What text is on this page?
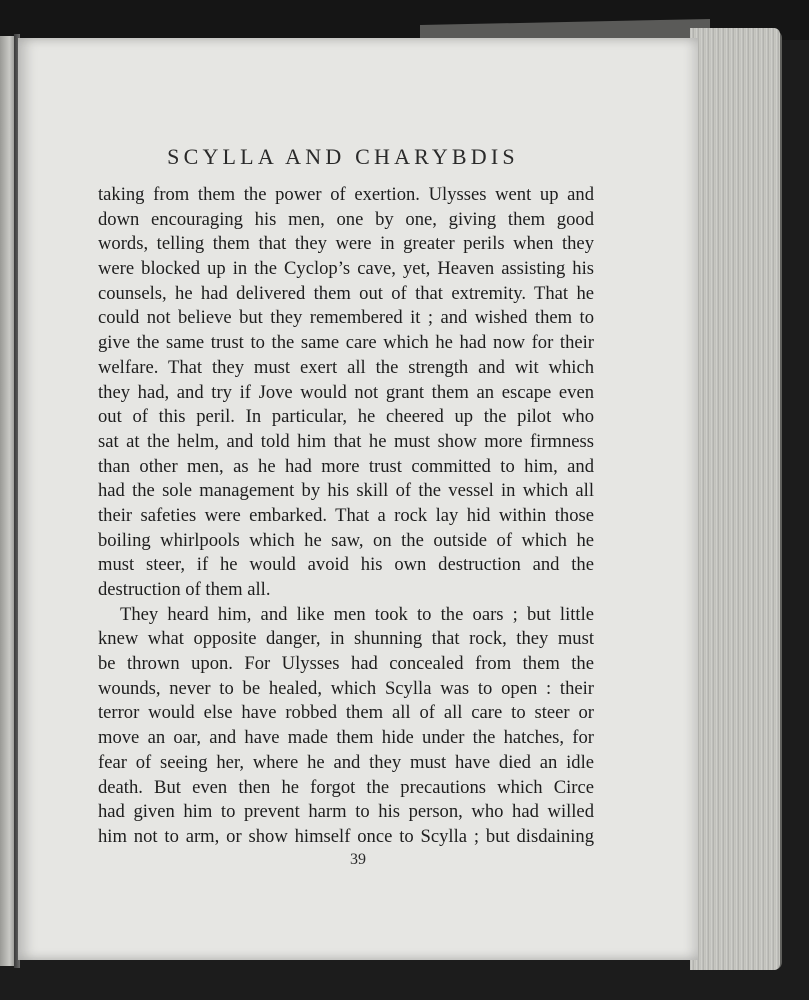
SCYLLA AND CHARYBDIS
taking from them the power of exertion. Ulysses went up and
down encouraging his men, one by one, giving them good
words, telling them that they were in greater perils when they
were blocked up in the Cyclop’s cave, yet, Heaven assisting his
counsels, he had delivered them out of that extremity. That he
could not believe but they remembered it ; and wished them to
give the same trust to the same care which he had now for their
welfare. That they must exert all the strength and wit which
they had, and try if Jove would not grant them an escape even
out of this peril. In particular, he cheered up the pilot who
sat at the helm, and told him that he must show more firmness
than other men, as he had more trust committed to him, and
had the sole management by his skill of the vessel in which all
their safeties were embarked. That a rock lay hid within those
boiling whirlpools which he saw, on the outside of which he
must steer, if he would avoid his own destruction and the
destruction of them all.
They heard him, and like men took to the oars ; but little
knew what opposite danger, in shunning that rock, they must
be thrown upon. For Ulysses had concealed from them the
wounds, never to be healed, which Scylla was to open : their
terror would else have robbed them all of all care to steer or
move an oar, and have made them hide under the hatches, for
fear of seeing her, where he and they must have died an idle
death. But even then he forgot the precautions which Circe
had given him to prevent harm to his person, who had willed
him not to arm, or show himself once to Scylla ; but disdaining
39
